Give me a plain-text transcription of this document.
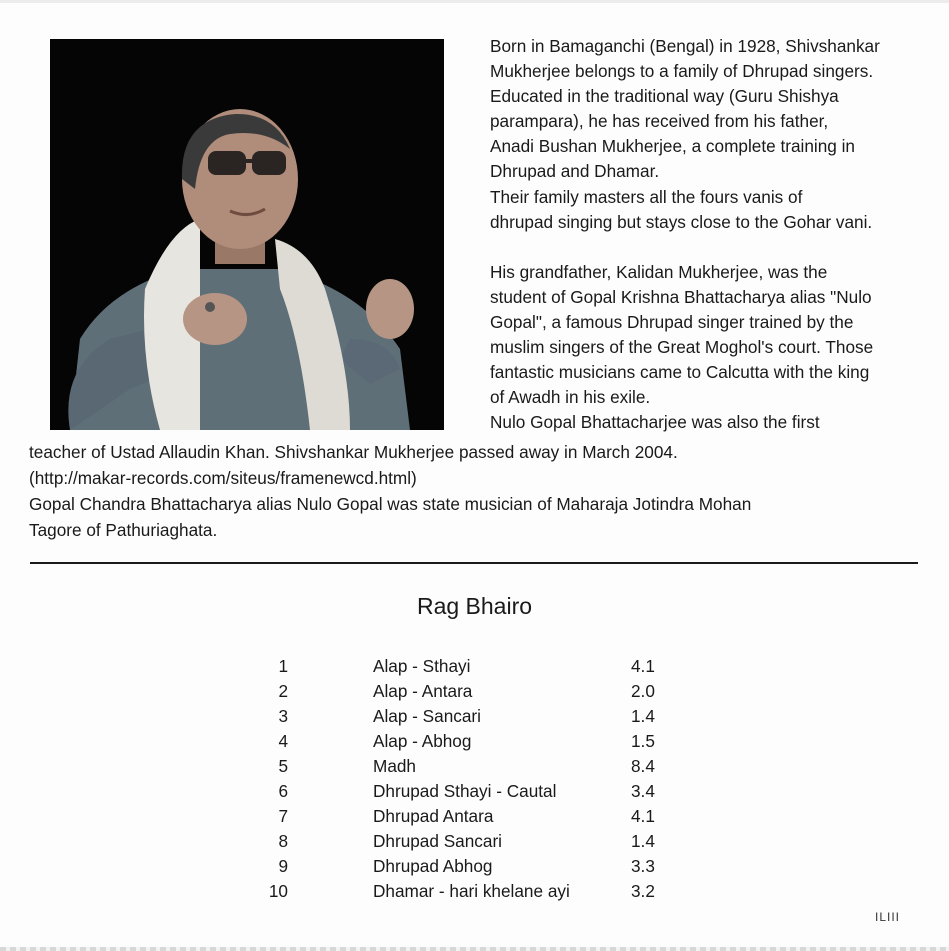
Born in Bamaganchi (Bengal) in 1928, Shivshankar
Mukherjee belongs to a family of Dhrupad singers.
Educated in the traditional way (Guru Shishya
parampara), he has received from his father,
Anadi Bushan Mukherjee, a complete training in
Dhrupad and Dhamar.
Their family masters all the fours vanis of
dhrupad singing but stays close to the Gohar vani.

His grandfather, Kalidan Mukherjee, was the
student of Gopal Krishna Bhattacharya alias "Nulo
Gopal", a famous Dhrupad singer trained by the
muslim singers of the Great Moghol's court. Those
fantastic musicians came to Calcutta with the king
of Awadh in his exile.
Nulo Gopal Bhattacharjee was also the first

teacher of Ustad Allaudin Khan. Shivshankar Mukherjee passed away in March 2004.

(http://makar-records.com/siteus/framenewcd.html)

Gopal Chandra Bhattacharya alias Nulo Gopal was state musician of Maharaja Jotindra Mohan

Tagore of Pathuriaghata.

Rag Bhairo
1	Alap - Sthayi	4.1
2	Alap - Antara	2.0
3	Alap - Sancari	1.4
4	Alap - Abhog	1.5
5	Madh	8.4
6	Dhrupad Sthayi - Cautal	3.4
7	Dhrupad Antara	4.1
8	Dhrupad Sancari	1.4
9	Dhrupad Abhog	3.3
10	Dhamar - hari khelane ayi	3.2
ILIII
